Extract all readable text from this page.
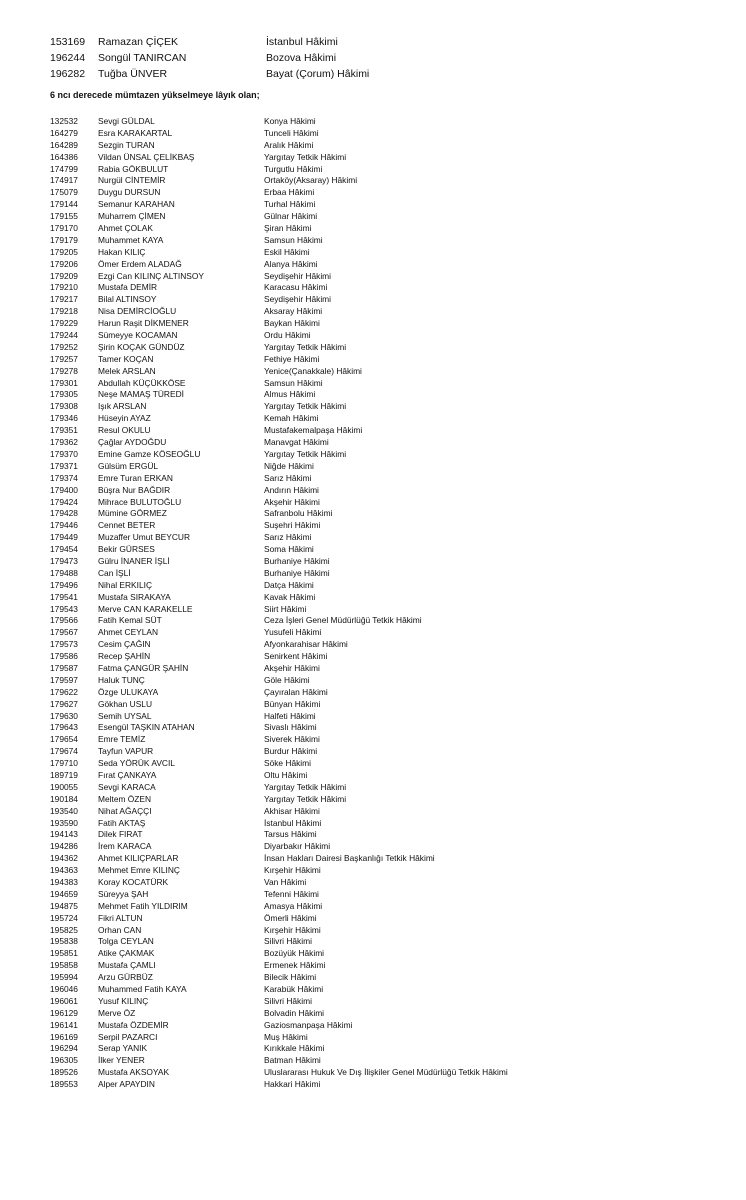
153169	Ramazan ÇİÇEK	İstanbul Hâkimi
196244	Songül TANIRCAN	Bozova Hâkimi
196282	Tuğba ÜNVER	Bayat (Çorum) Hâkimi
6 ncı derecede mümtazen yükselmeye lâyık olan;
132532	Sevgi GÜLDAL	Konya Hâkimi
164279	Esra KARAKARTAL	Tunceli Hâkimi
164289	Sezgin TURAN	Aralık Hâkimi
164386	Vildan ÜNSAL ÇELİKBAŞ	Yargıtay Tetkik Hâkimi
174799	Rabia GÖKBULUT	Turgutlu Hâkimi
174917	Nurgül CİNTEMİR	Ortaköy(Aksaray) Hâkimi
175079	Duygu DURSUN	Erbaa Hâkimi
179144	Semanur KARAHAN	Turhal Hâkimi
179155	Muharrem ÇİMEN	Gülnar Hâkimi
179170	Ahmet ÇOLAK	Şiran Hâkimi
179179	Muhammet KAYA	Samsun Hâkimi
179205	Hakan KILIÇ	Eskil Hâkimi
179206	Ömer Erdem ALADAĞ	Alanya Hâkimi
179209	Ezgi Can KILINÇ ALTINSOY	Seydişehir Hâkimi
179210	Mustafa DEMİR	Karacasu Hâkimi
179217	Bilal ALTINSOY	Seydişehir Hâkimi
179218	Nisa DEMİRCİOĞLU	Aksaray Hâkimi
179229	Harun Raşit DİKMENER	Baykan Hâkimi
179244	Sümeyye KOCAMAN	Ordu Hâkimi
179252	Şirin KOÇAK GÜNDÜZ	Yargıtay Tetkik Hâkimi
179257	Tamer KOÇAN	Fethiye Hâkimi
179278	Melek ARSLAN	Yenice(Çanakkale) Hâkimi
179301	Abdullah KÜÇÜKKÖSE	Samsun Hâkimi
179305	Neşe MAMAŞ TÜREDİ	Almus Hâkimi
179308	Işık ARSLAN	Yargıtay Tetkik Hâkimi
179346	Hüseyin AYAZ	Kemah Hâkimi
179351	Resul OKULU	Mustafakemalpaşa Hâkimi
179362	Çağlar AYDOĞDU	Manavgat Hâkimi
179370	Emine Gamze KÖSEOĞLU	Yargıtay Tetkik Hâkimi
179371	Gülsüm ERGÜL	Niğde Hâkimi
179374	Emre Turan ERKAN	Sarız Hâkimi
179400	Büşra Nur BAĞDIR	Andırın Hâkimi
179424	Mihrace BULUTOĞLU	Akşehir Hâkimi
179428	Mümine GÖRMEZ	Safranbolu Hâkimi
179446	Cennet BETER	Suşehri Hâkimi
179449	Muzaffer Umut BEYCUR	Sarız Hâkimi
179454	Bekir GÜRSES	Soma Hâkimi
179473	Gülru İNANER İŞLİ	Burhaniye Hâkimi
179488	Can İŞLİ	Burhaniye Hâkimi
179496	Nihal ERKILIÇ	Datça Hâkimi
179541	Mustafa SIRAKAYA	Kavak Hâkimi
179543	Merve CAN KARAKELLE	Siirt Hâkimi
179566	Fatih Kemal SÜT	Ceza İşleri Genel Müdürlüğü Tetkik Hâkimi
179567	Ahmet CEYLAN	Yusufeli Hâkimi
179573	Cesim ÇAĞIN	Afyonkarahisar Hâkimi
179586	Recep ŞAHİN	Senirkent Hâkimi
179587	Fatma ÇANGÜR ŞAHİN	Akşehir Hâkimi
179597	Haluk TUNÇ	Göle Hâkimi
179622	Özge ULUKAYA	Çayıralan Hâkimi
179627	Gökhan USLU	Bünyan Hâkimi
179630	Semih UYSAL	Halfeti Hâkimi
179643	Esengül TAŞKIN ATAHAN	Sivaslı Hâkimi
179654	Emre TEMİZ	Siverek Hâkimi
179674	Tayfun VAPUR	Burdur Hâkimi
179710	Seda YÖRÜK AVCIL	Söke Hâkimi
189719	Fırat ÇANKAYA	Oltu Hâkimi
190055	Sevgi KARACA	Yargıtay Tetkik Hâkimi
190184	Meltem ÖZEN	Yargıtay Tetkik Hâkimi
193540	Nihat AĞAÇÇI	Akhisar Hâkimi
193590	Fatih AKTAŞ	İstanbul Hâkimi
194143	Dilek FIRAT	Tarsus Hâkimi
194286	İrem KARACA	Diyarbakır Hâkimi
194362	Ahmet KILIÇPARLAR	İnsan Hakları Dairesi Başkanlığı Tetkik Hâkimi
194363	Mehmet Emre KILINÇ	Kırşehir Hâkimi
194383	Koray KOCATÜRK	Van Hâkimi
194659	Süreyya ŞAH	Tefenni Hâkimi
194875	Mehmet Fatih YILDIRIM	Amasya Hâkimi
195724	Fikri ALTUN	Ömerli Hâkimi
195825	Orhan CAN	Kırşehir Hâkimi
195838	Tolga CEYLAN	Silivri Hâkimi
195851	Atike ÇAKMAK	Bozüyük Hâkimi
195858	Mustafa ÇAMLI	Ermenek Hâkimi
195994	Arzu GÜRBÜZ	Bilecik Hâkimi
196046	Muhammed Fatih KAYA	Karabük Hâkimi
196061	Yusuf KILINÇ	Silivri Hâkimi
196129	Merve ÖZ	Bolvadin Hâkimi
196141	Mustafa ÖZDEMİR	Gaziosmanpaşa Hâkimi
196169	Serpil PAZARCI	Muş Hâkimi
196294	Serap YANIK	Kırıkkale Hâkimi
196305	İlker YENER	Batman Hâkimi
189526	Mustafa AKSOYAK	Uluslararası Hukuk Ve Dış İlişkiler Genel Müdürlüğü Tetkik Hâkimi
189553	Alper APAYDIN	Hakkari Hâkimi
